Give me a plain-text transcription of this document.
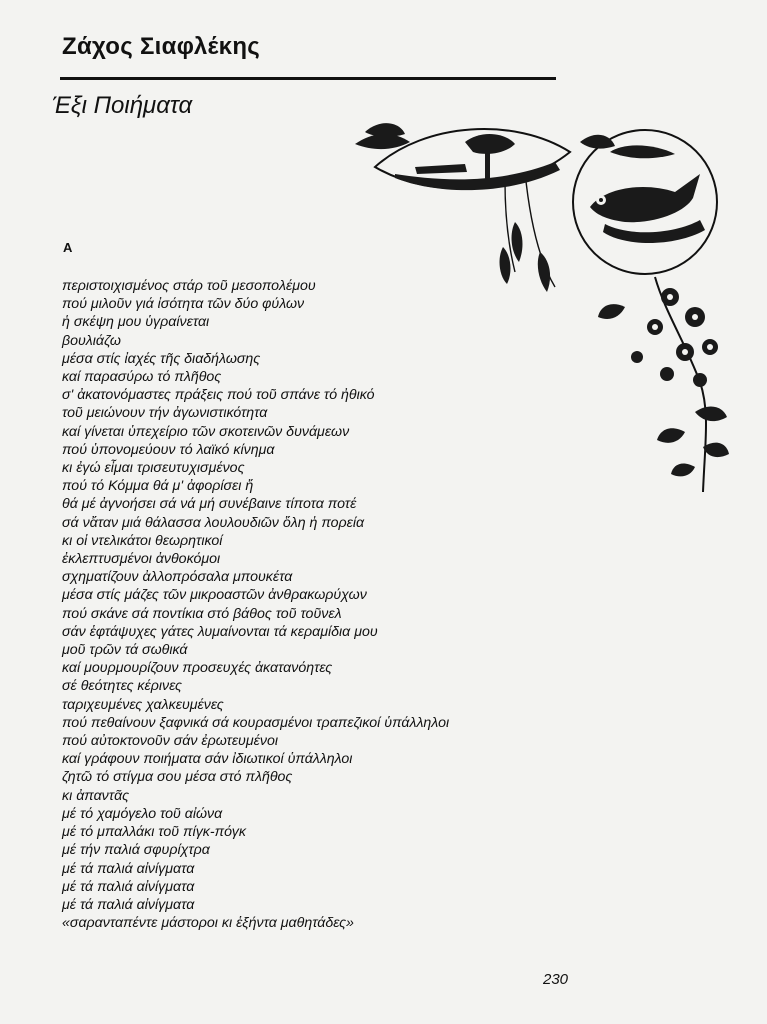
Ζάχος Σιαφλέκης
Έξι Ποιήματα
Α
περιστοιχισμένος στάρ τοῦ μεσοπολέμου
πού μιλοῦν γιά ἰσότητα τῶν δύο φύλων
ἡ σκέψη μου ὑγραίνεται
βουλιάζω
μέσα στίς ἰαχές τῆς διαδήλωσης
καί παρασύρω τό πλῆθος
σ' ἀκατονόμαστες πράξεις πού τοῦ σπάνε τό ἠθικό
τοῦ μειώνουν τήν ἀγωνιστικότητα
καί γίνεται ὑπεχείριο τῶν σκοτεινῶν δυνάμεων
πού ὑπονομεύουν τό λαϊκό κίνημα
κι ἐγώ εἶμαι τρισευτυχισμένος
πού τό Κόμμα θά μ' ἀφορίσει ἤ
θά μέ ἀγνοήσει σά νά μή συνέβαινε τίποτα ποτέ
σά νἄταν μιά θάλασσα λουλουδιῶν ὅλη ἡ πορεία
κι οἱ ντελικάτοι θεωρητικοί
ἐκλεπτυσμένοι ἀνθοκόμοι
σχηματίζουν ἀλλοπρόσαλα μπουκέτα
μέσα στίς μάζες τῶν μικροαστῶν ἀνθρακωρύχων
πού σκάνε σά ποντίκια στό βάθος τοῦ τοῦνελ
σάν ἑφτάψυχες γάτες λυμαίνονται τά κεραμίδια μου
μοῦ τρῶν τά σωθικά
καί μουρμουρίζουν προσευχές ἀκατανόητες
σέ θεότητες κέρινες
ταριχευμένες χαλκευμένες
πού πεθαίνουν ξαφνικά σά κουρασμένοι τραπεζικοί ὑπάλληλοι
πού αὐτοκτονοῦν σάν ἐρωτευμένοι
καί γράφουν ποιήματα σάν ἰδιωτικοί ὑπάλληλοι
ζητῶ τό στίγμα σου μέσα στό πλῆθος
κι ἀπαντᾶς
μέ τό χαμόγελο τοῦ αἰώνα
μέ τό μπαλλάκι τοῦ πίγκ-πόγκ
μέ τήν παλιά σφυρίχτρα
μέ τά παλιά αἰνίγματα
μέ τά παλιά αἰνίγματα
μέ τά παλιά αἰνίγματα
«σαρανταπέντε μάστοροι κι ἑξήντα μαθητάδες»
230
